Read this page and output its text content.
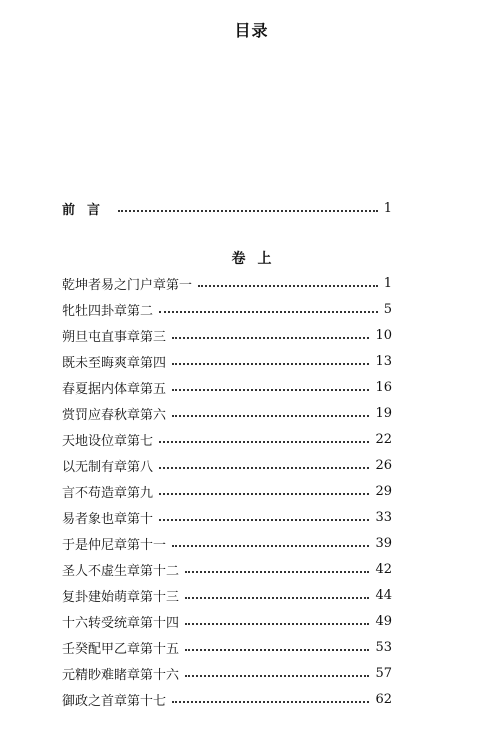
目录
前言	1
卷上
乾坤者易之门户章第一	1
牝牡四卦章第二	5
朔旦屯直事章第三	10
既未至晦爽章第四	13
春夏据内体章第五	16
赏罚应春秋章第六	19
天地设位章第七	22
以无制有章第八	26
言不苟造章第九	29
易者象也章第十	33
于是仲尼章第十一	39
圣人不虚生章第十二	42
复卦建始萌章第十三	44
十六转受统章第十四	49
壬癸配甲乙章第十五	53
元精眇难睹章第十六	57
御政之首章第十七	62
